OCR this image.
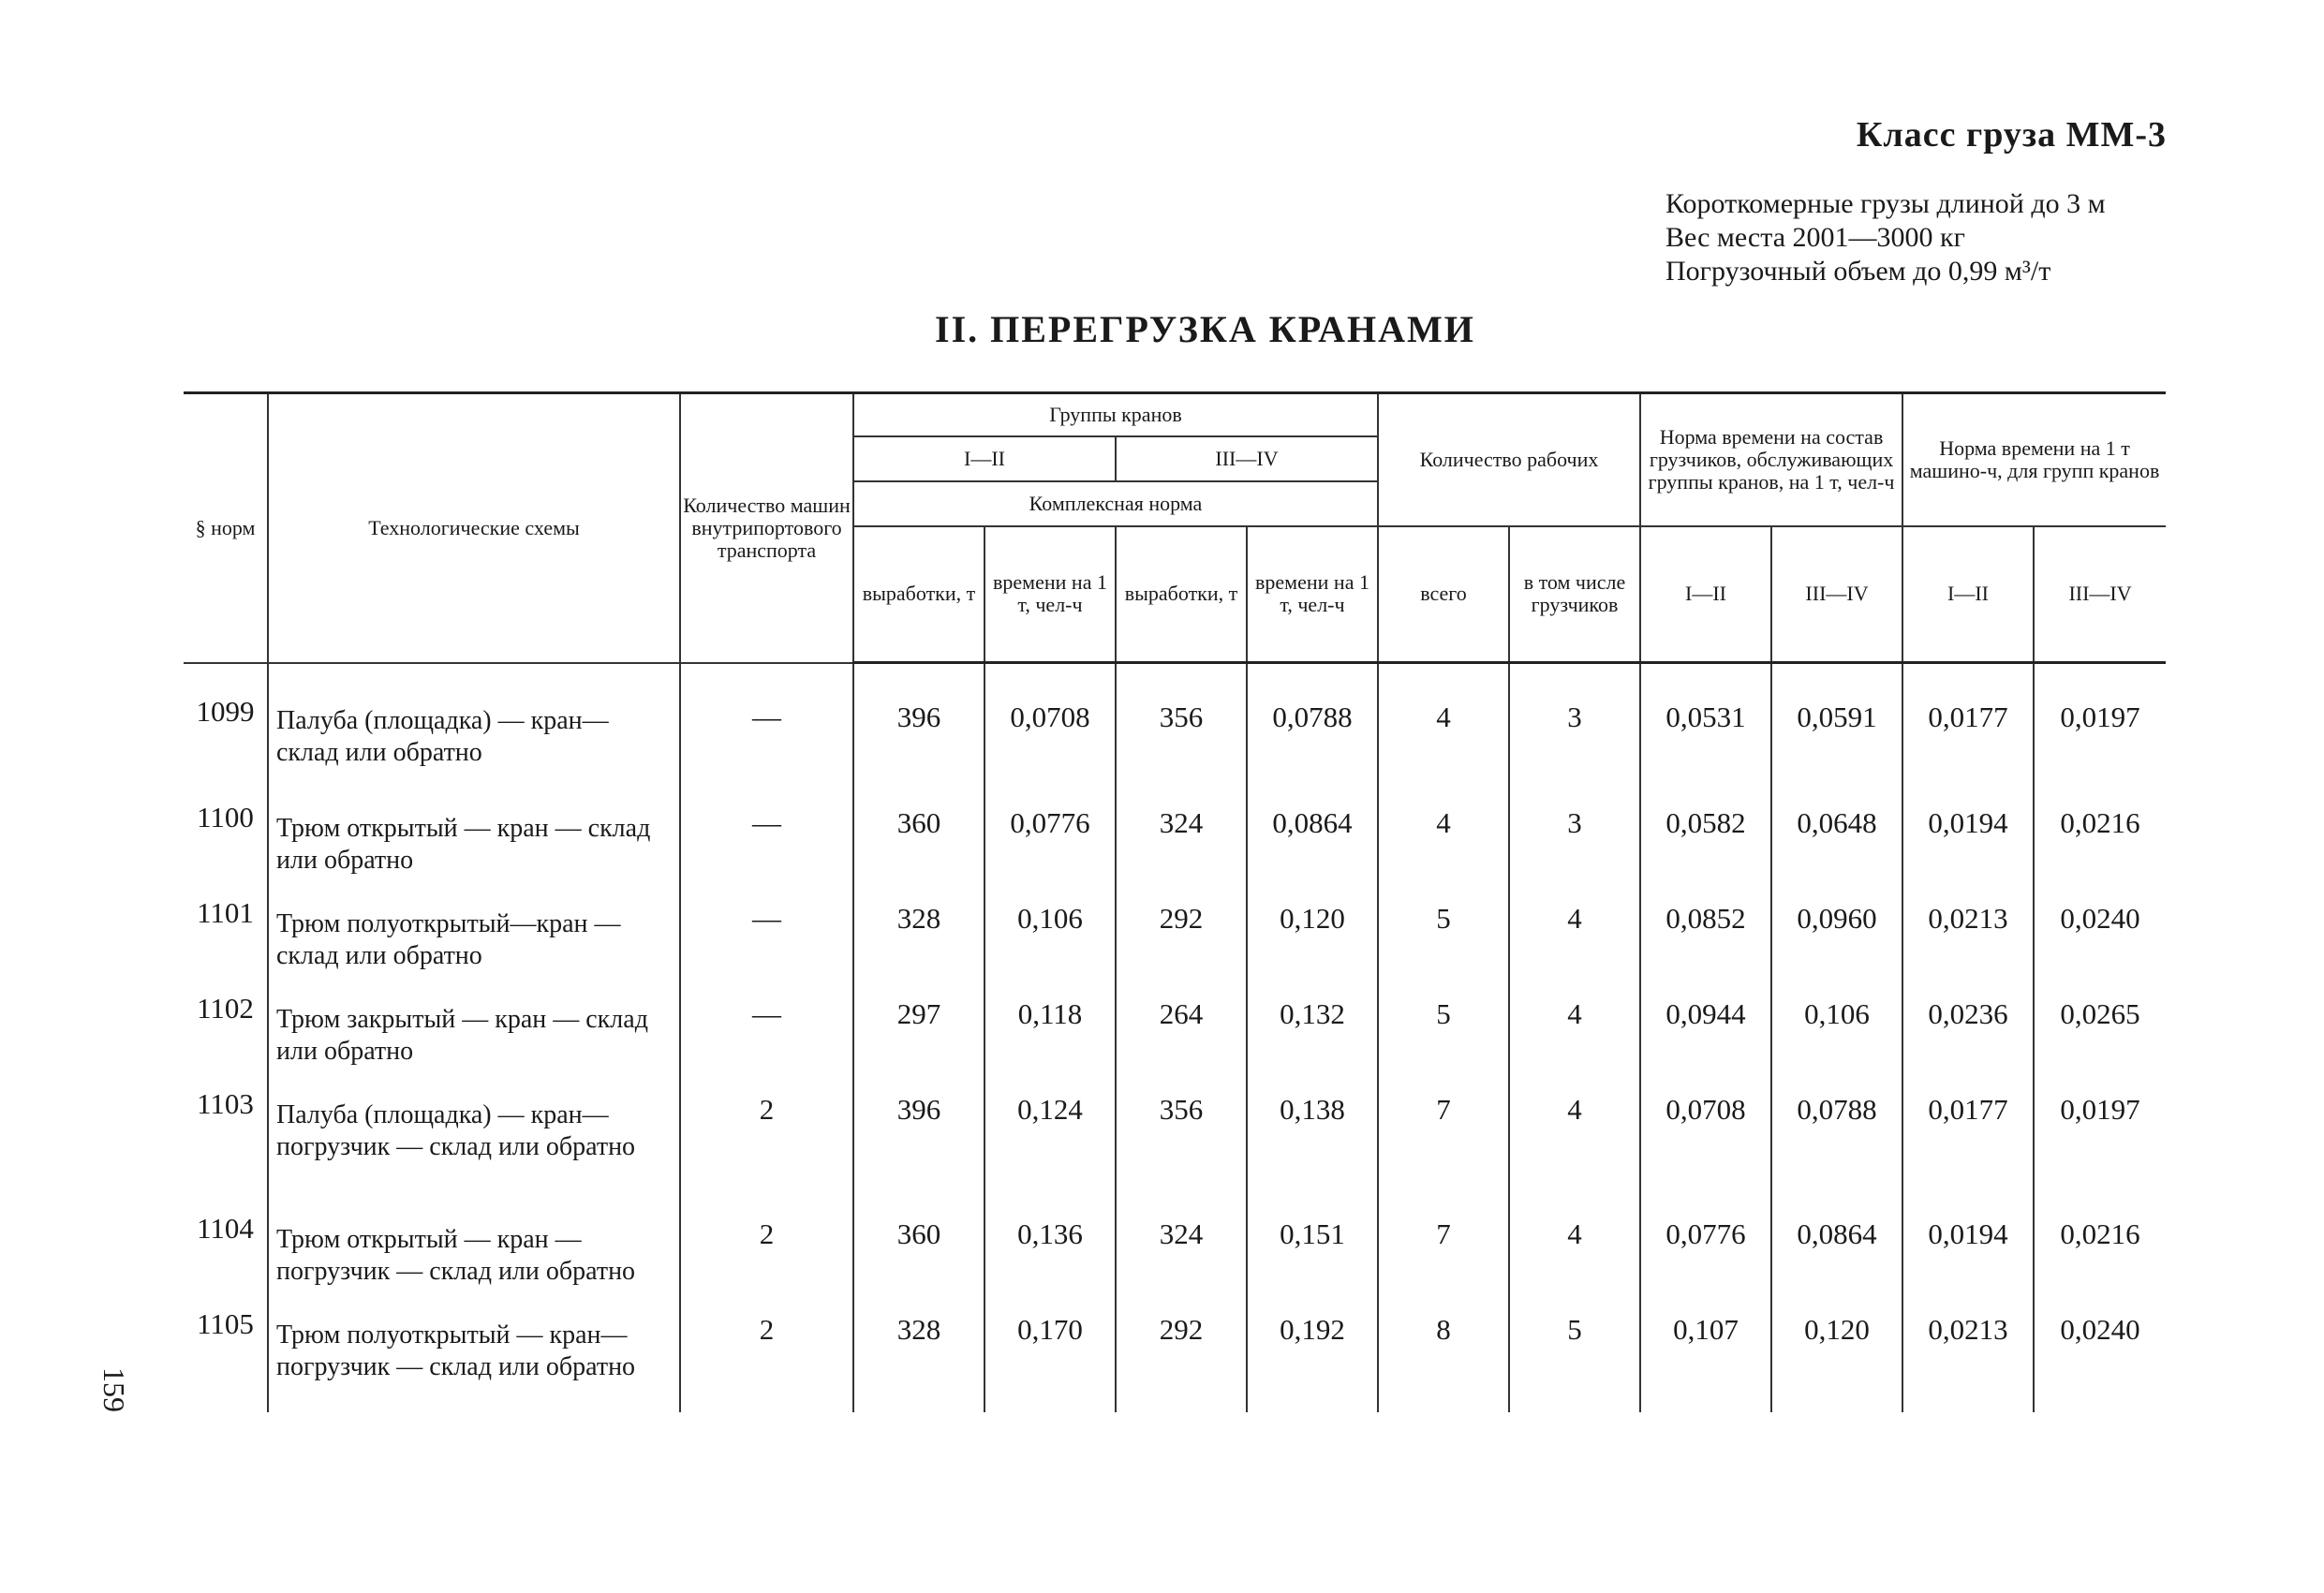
Класс груза ММ-3
Короткомерные грузы длиной до 3 м
Вес места 2001—3000 кг
Погрузочный объем до 0,99 м³/т
II. ПЕРЕГРУЗКА КРАНАМИ
§ норм	Технологические схемы	Количество машин внутрипортового транспорта	Группы кранов				Количество рабочих		Норма времени на состав грузчиков, обслуживающих группы кранов, на 1 т, чел-ч		Норма времени на 1 т машино-ч, для групп кранов	
			I—II		III—IV							
			Комплексная норма									
			выработки, т	времени на 1 т, чел-ч	выработки, т	времени на 1 т, чел-ч	всего	в том числе грузчиков	I—II	III—IV	I—II	III—IV
1099	Палуба (площадка) — кран— склад или обратно	—	396	0,0708	356	0,0788	4	3	0,0531	0,0591	0,0177	0,0197
1100	Трюм открытый — кран — склад или обратно	—	360	0,0776	324	0,0864	4	3	0,0582	0,0648	0,0194	0,0216
1101	Трюм полуоткрытый—кран — склад или обратно	—	328	0,106	292	0,120	5	4	0,0852	0,0960	0,0213	0,0240
1102	Трюм закрытый — кран — склад или обратно	—	297	0,118	264	0,132	5	4	0,0944	0,106	0,0236	0,0265
1103	Палуба (площадка) — кран— погрузчик — склад или обратно	2	396	0,124	356	0,138	7	4	0,0708	0,0788	0,0177	0,0197
1104	Трюм открытый — кран — погрузчик — склад или обратно	2	360	0,136	324	0,151	7	4	0,0776	0,0864	0,0194	0,0216
1105	Трюм полуоткрытый — кран— погрузчик — склад или обратно	2	328	0,170	292	0,192	8	5	0,107	0,120	0,0213	0,0240
159
